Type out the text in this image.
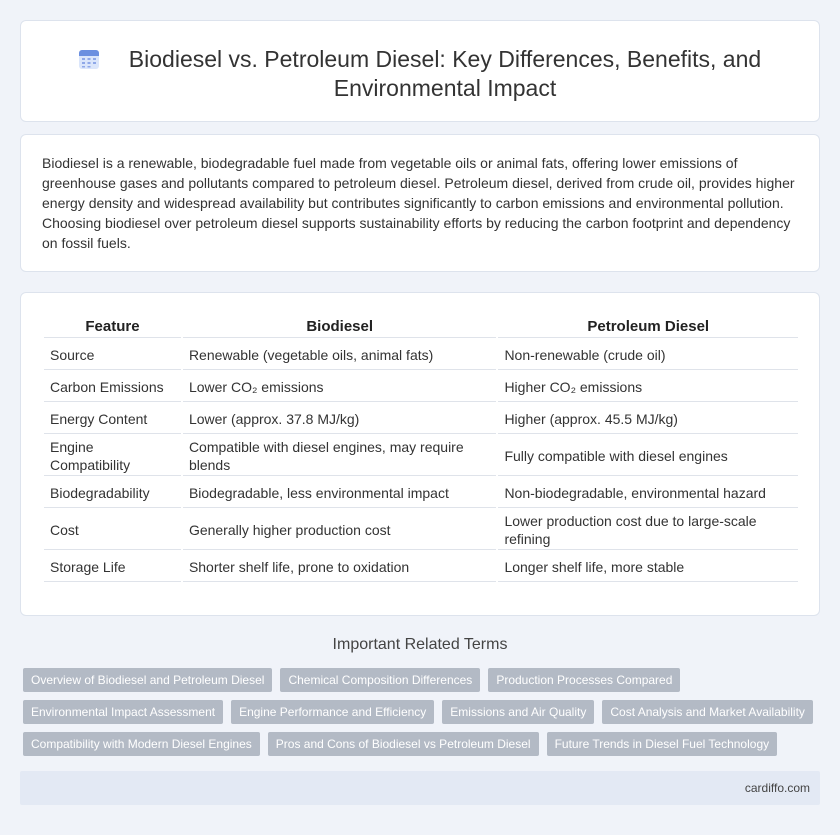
Biodiesel vs. Petroleum Diesel: Key Differences, Benefits, and Environmental Impact

Biodiesel is a renewable, biodegradable fuel made from vegetable oils or animal fats, offering lower emissions of greenhouse gases and pollutants compared to petroleum diesel. Petroleum diesel, derived from crude oil, provides higher energy density and widespread availability but contributes significantly to carbon emissions and environmental pollution. Choosing biodiesel over petroleum diesel supports sustainability efforts by reducing the carbon footprint and dependency on fossil fuels.

Feature	Biodiesel	Petroleum Diesel
Source	Renewable (vegetable oils, animal fats)	Non-renewable (crude oil)
Carbon Emissions	Lower CO₂ emissions	Higher CO₂ emissions
Energy Content	Lower (approx. 37.8 MJ/kg)	Higher (approx. 45.5 MJ/kg)
Engine Compatibility	Compatible with diesel engines, may require blends	Fully compatible with diesel engines
Biodegradability	Biodegradable, less environmental impact	Non-biodegradable, environmental hazard
Cost	Generally higher production cost	Lower production cost due to large-scale refining
Storage Life	Shorter shelf life, prone to oxidation	Longer shelf life, more stable
Important Related Terms
Overview of Biodiesel and Petroleum Diesel	Chemical Composition Differences	Production Processes Compared
Environmental Impact Assessment	Engine Performance and Efficiency	Emissions and Air Quality	Cost Analysis and Market Availability
Compatibility with Modern Diesel Engines	Pros and Cons of Biodiesel vs Petroleum Diesel	Future Trends in Diesel Fuel Technology
cardiffo.com
